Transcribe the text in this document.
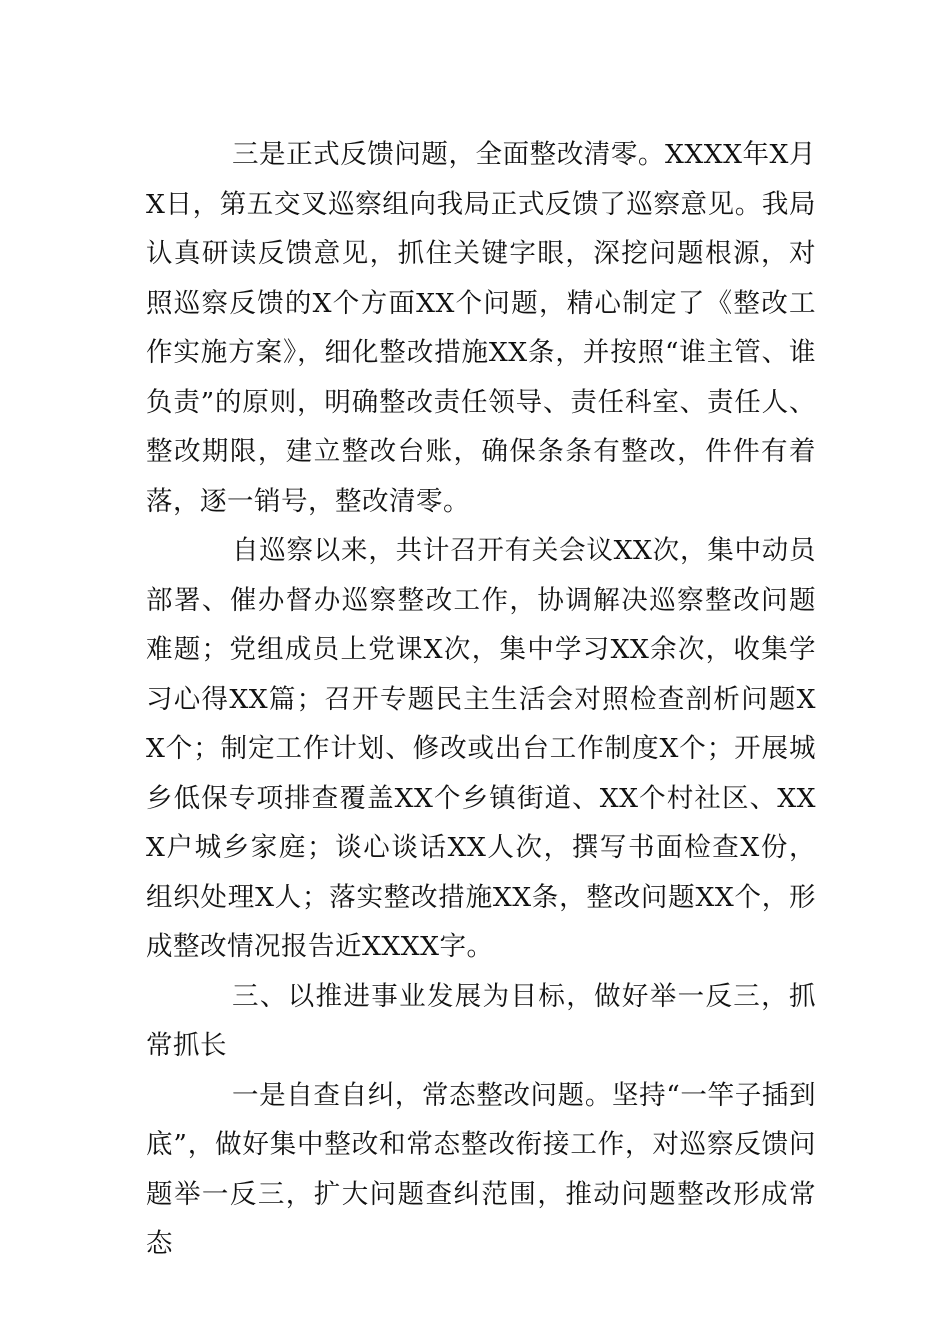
三是正式反馈问题，全面整改清零。XXXX年X月X日，第五交叉巡察组向我局正式反馈了巡察意见。我局认真研读反馈意见，抓住关键字眼，深挖问题根源，对照巡察反馈的X个方面XX个问题，精心制定了《整改工作实施方案》，细化整改措施XX条，并按照“谁主管、谁负责”的原则，明确整改责任领导、责任科室、责任人、整改期限，建立整改台账，确保条条有整改，件件有着落，逐一销号，整改清零。

自巡察以来，共计召开有关会议XX次，集中动员部署、催办督办巡察整改工作，协调解决巡察整改问题难题；党组成员上党课X次，集中学习XX余次，收集学习心得XX篇；召开专题民主生活会对照检查剖析问题XX个；制定工作计划、修改或出台工作制度X个；开展城乡低保专项排查覆盖XX个乡镇街道、XX个村社区、XXX户城乡家庭；谈心谈话XX人次，撰写书面检查X份，组织处理X人；落实整改措施XX条，整改问题XX个，形成整改情况报告近XXXX字。

三、以推进事业发展为目标，做好举一反三，抓常抓长

一是自查自纠，常态整改问题。坚持“一竿子插到底”，做好集中整改和常态整改衔接工作，对巡察反馈问题举一反三，扩大问题查纠范围，推动问题整改形成常态
